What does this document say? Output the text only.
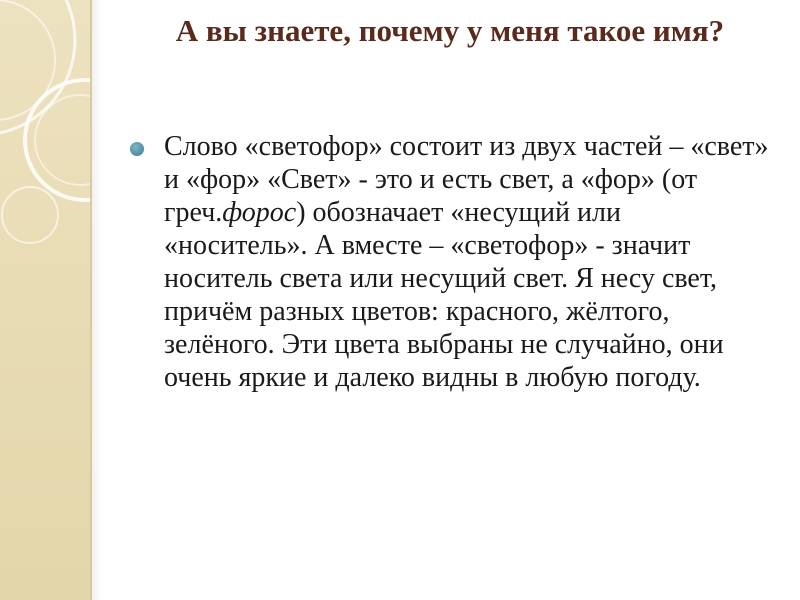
А вы знаете, почему у меня такое имя?

Слово «светофор» состоит из двух частей – «свет» и «фор» «Свет» - это и есть свет, а «фор» (от греч.форос) обозначает «несущий или «носитель». А вместе – «светофор» - значит носитель света или несущий свет. Я несу свет, причём разных цветов: красного, жёлтого, зелёного. Эти цвета выбраны не случайно, они очень яркие и далеко видны в любую погоду.
